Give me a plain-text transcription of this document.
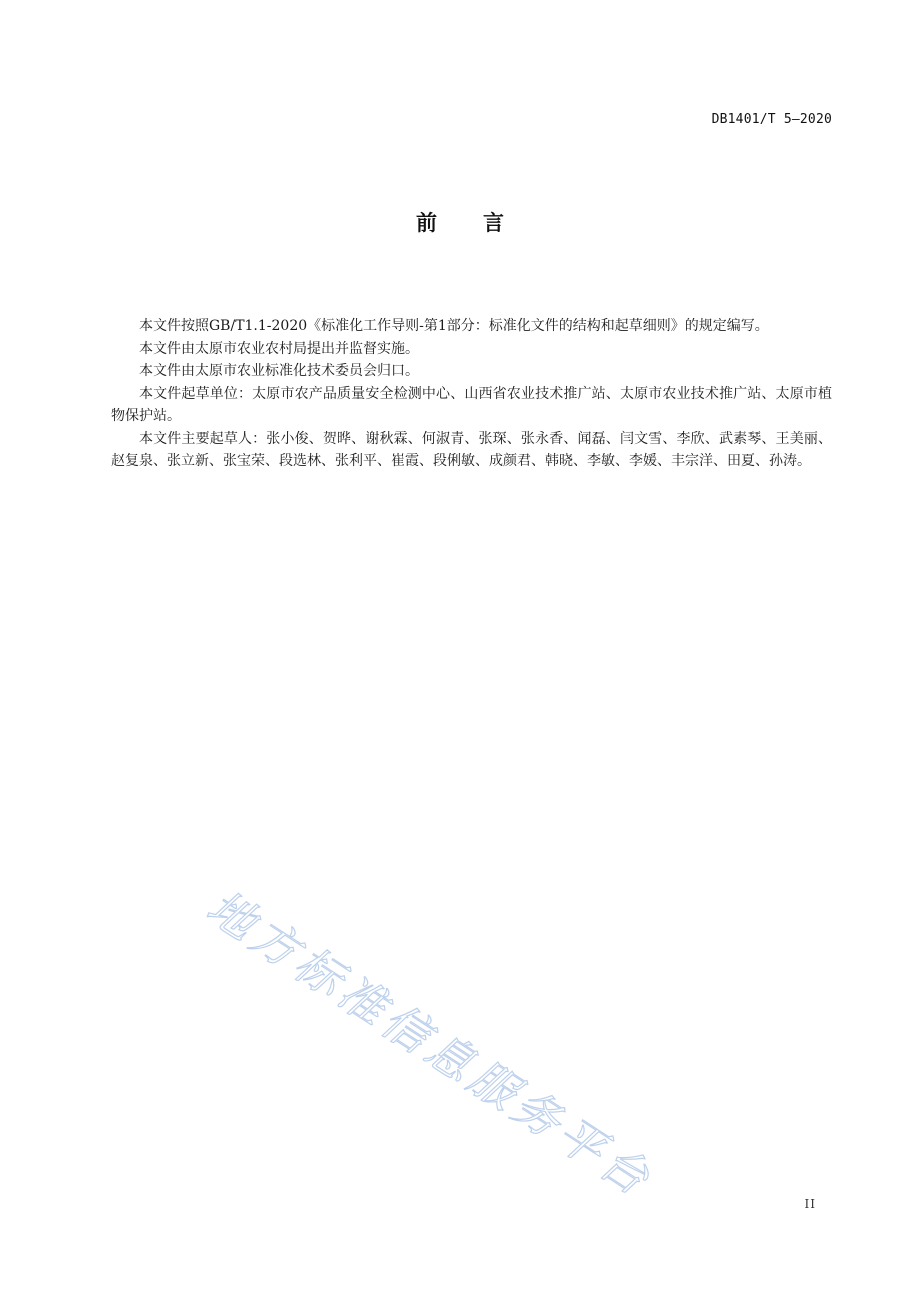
DB1401/T 5—2020
前言

本文件按照GB/T1.1-2020《标准化工作导则-第1部分：标准化文件的结构和起草细则》的规定编写。

本文件由太原市农业农村局提出并监督实施。

本文件由太原市农业标准化技术委员会归口。

本文件起草单位：太原市农产品质量安全检测中心、山西省农业技术推广站、太原市农业技术推广站、太原市植物保护站。

本文件主要起草人：张小俊、贺晔、谢秋霖、何淑青、张琛、张永香、闻磊、闫文雪、李欣、武素琴、王美丽、赵复泉、张立新、张宝荣、段选林、张利平、崔霞、段俐敏、成颜君、韩晓、李敏、李媛、丰宗洋、田夏、孙涛。

地方标准信息服务平台	II
